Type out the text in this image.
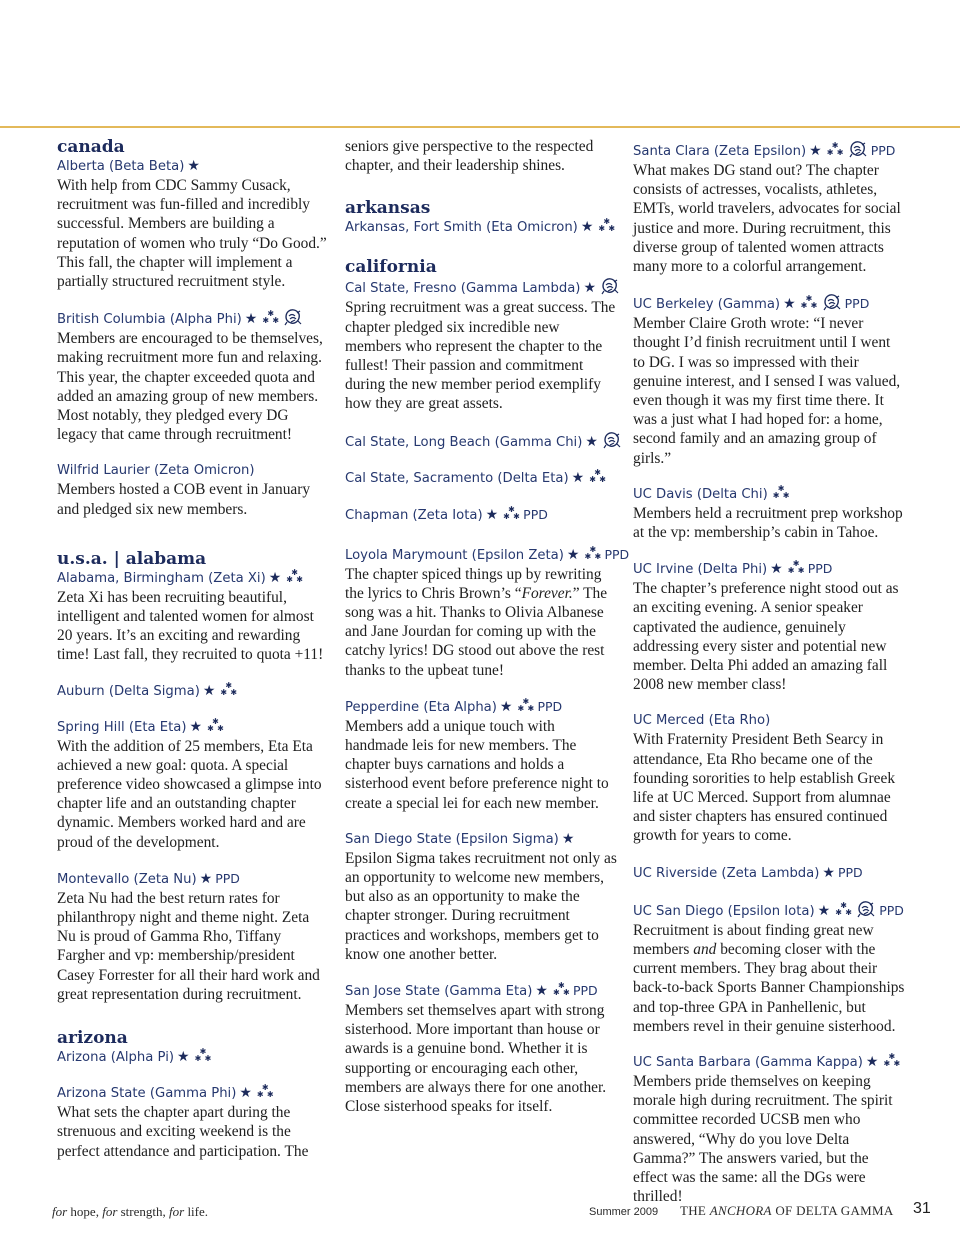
canada
Alberta (Beta Beta) ★

With help from CDC Sammy Cusack, recruitment was fun-filled and incredibly successful. Members are building a reputation of women who truly “Do Good.” This fall, the chapter will implement a partially structured recruitment style.

British Columbia (Alpha Phi) ★ ✱
✱ ✱

Members are encouraged to be themselves, making recruitment more fun and relaxing. This year, the chapter exceeded quota and added an amazing group of new members. Most notably, they pledged every DG legacy that came through recruitment!

Wilfrid Laurier (Zeta Omicron)

Members hosted a COB event in January and pledged six new members.

u.s.a. | alabama
Alabama, Birmingham (Zeta Xi) ★ ✱
✱ ✱

Zeta Xi has been recruiting beautiful, intelligent and talented women for almost 20 years. It’s an exciting and rewarding time! Last fall, they recruited to quota +11!

Auburn (Delta Sigma) ★ ✱
✱ ✱
Spring Hill (Eta Eta) ★ ✱
✱ ✱

With the addition of 25 members, Eta Eta achieved a new goal: quota. A special preference video showcased a glimpse into chapter life and an outstanding chapter dynamic. Members worked hard and are proud of the development.

Montevallo (Zeta Nu) ★ PPD

Zeta Nu had the best return rates for philanthropy night and theme night. Zeta Nu is proud of Gamma Rho, Tiffany Fargher and vp: membership/president Casey Forrester for all their hard work and great representation during recruitment.

arizona
Arizona (Alpha Pi) ★ ✱
✱ ✱
Arizona State (Gamma Phi) ★ ✱
✱ ✱

What sets the chapter apart during the strenuous and exciting weekend is the perfect attendance and participation. The

seniors give perspective to the respected chapter, and their leadership shines.

arkansas
Arkansas, Fort Smith (Eta Omicron) ★ ✱
✱ ✱
california
Cal State, Fresno (Gamma Lambda) ★

Spring recruitment was a great success. The chapter pledged six incredible new members who represent the chapter to the fullest! Their passion and commitment during the new member period exemplify how they are great assets.

Cal State, Long Beach (Gamma Chi) ★
Cal State, Sacramento (Delta Eta) ★ ✱
✱ ✱
Chapman (Zeta Iota) ★ ✱
✱ ✱ PPD
Loyola Marymount (Epsilon Zeta) ★ ✱
✱ ✱ PPD

The chapter spiced things up by rewriting the lyrics to Chris Brown’s “Forever.” The song was a hit. Thanks to Olivia Albanese and Jane Jourdan for coming up with the catchy lyrics! DG stood out above the rest thanks to the upbeat tune!

Pepperdine (Eta Alpha) ★ ✱
✱ ✱ PPD

Members add a unique touch with handmade leis for new members. The chapter buys carnations and holds a sisterhood event before preference night to create a special lei for each new member.

San Diego State (Epsilon Sigma) ★

Epsilon Sigma takes recruitment not only as an opportunity to welcome new members, but also as an opportunity to make the chapter stronger. During recruitment practices and workshops, members get to know one another better.

San Jose State (Gamma Eta) ★ ✱
✱ ✱ PPD

Members set themselves apart with strong sisterhood. More important than house or awards is a genuine bond. Whether it is supporting or encouraging each other, members are always there for one another. Close sisterhood speaks for itself.

Santa Clara (Zeta Epsilon) ★ ✱
✱ ✱ PPD

What makes DG stand out? The chapter consists of actresses, vocalists, athletes, EMTs, world travelers, advocates for social justice and more. During recruitment, this diverse group of talented women attracts many more to a colorful arrangement.

UC Berkeley (Gamma) ★ ✱
✱ ✱ PPD

Member Claire Groth wrote: “I never thought I’d finish recruitment until I went to DG. I was so impressed with their genuine interest, and I sensed I was valued, even though it was my first time there. It was a just what I had hoped for: a home, second family and an amazing group of girls.”

UC Davis (Delta Chi) ✱
✱ ✱

Members held a recruitment prep workshop at the vp: membership’s cabin in Tahoe.

UC Irvine (Delta Phi) ★ ✱
✱ ✱ PPD

The chapter’s preference night stood out as an exciting evening. A senior speaker captivated the audience, genuinely addressing every sister and potential new member. Delta Phi added an amazing fall 2008 new member class!

UC Merced (Eta Rho)

With Fraternity President Beth Searcy in attendance, Eta Rho became one of the founding sororities to help establish Greek life at UC Merced. Support from alumnae and sister chapters has ensured continued growth for years to come.

UC Riverside (Zeta Lambda) ★ PPD
UC San Diego (Epsilon Iota) ★ ✱
✱ ✱ PPD

Recruitment is about finding great new members and becoming closer with the current members. They brag about their back-to-back Sports Banner Championships and top-three GPA in Panhellenic, but members revel in their genuine sisterhood.

UC Santa Barbara (Gamma Kappa) ★ ✱
✱ ✱

Members pride themselves on keeping morale high during recruitment. The spirit committee recorded UCSB men who answered, “Why do you love Delta Gamma?” The answers varied, but the effect was the same: all the DGs were thrilled!

for hope, for strength, for life.	Summer 2009 THE ANCHORA OF DELTA GAMMA 31
